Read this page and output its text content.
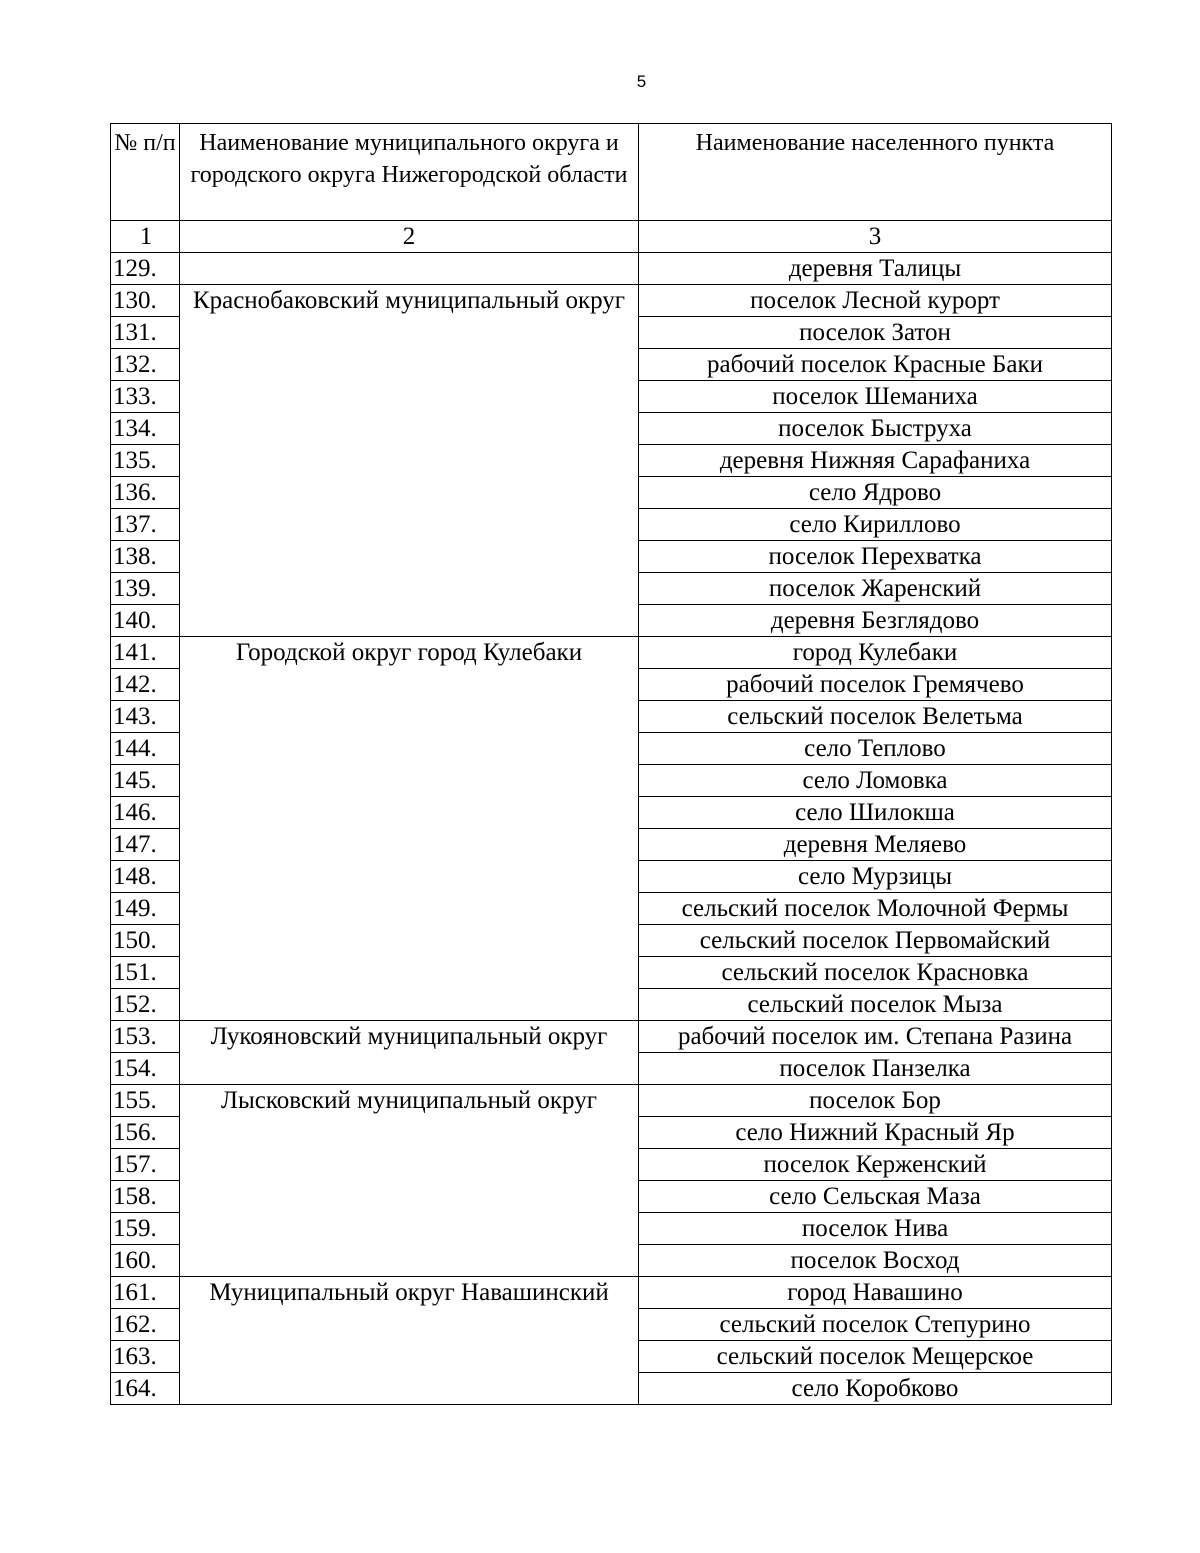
5
№ п/п	Наименование муниципального округа и городского округа Нижегородской области	Наименование населенного пункта
1	2	3
129.		деревня Талицы
130.	Краснобаковский муниципальный округ	поселок Лесной курорт
131.		поселок Затон
132.		рабочий поселок Красные Баки
133.		поселок Шеманиха
134.		поселок Быструха
135.		деревня Нижняя Сарафаниха
136.		село Ядрово
137.		село Кириллово
138.		поселок Перехватка
139.		поселок Жаренский
140.		деревня Безглядово
141.	Городской округ город Кулебаки	город Кулебаки
142.		рабочий поселок Гремячево
143.		сельский поселок Велетьма
144.		село Теплово
145.		село Ломовка
146.		село Шилокша
147.		деревня Меляево
148.		село Мурзицы
149.		сельский поселок Молочной Фермы
150.		сельский поселок Первомайский
151.		сельский поселок Красновка
152.		сельский поселок Мыза
153.	Лукояновский муниципальный округ	рабочий поселок им. Степана Разина
154.		поселок Панзелка
155.	Лысковский муниципальный округ	поселок Бор
156.		село Нижний Красный Яр
157.		поселок Керженский
158.		село Сельская Маза
159.		поселок Нива
160.		поселок Восход
161.	Муниципальный округ Навашинский	город Навашино
162.		сельский поселок Степурино
163.		сельский поселок Мещерское
164.		село Коробково
